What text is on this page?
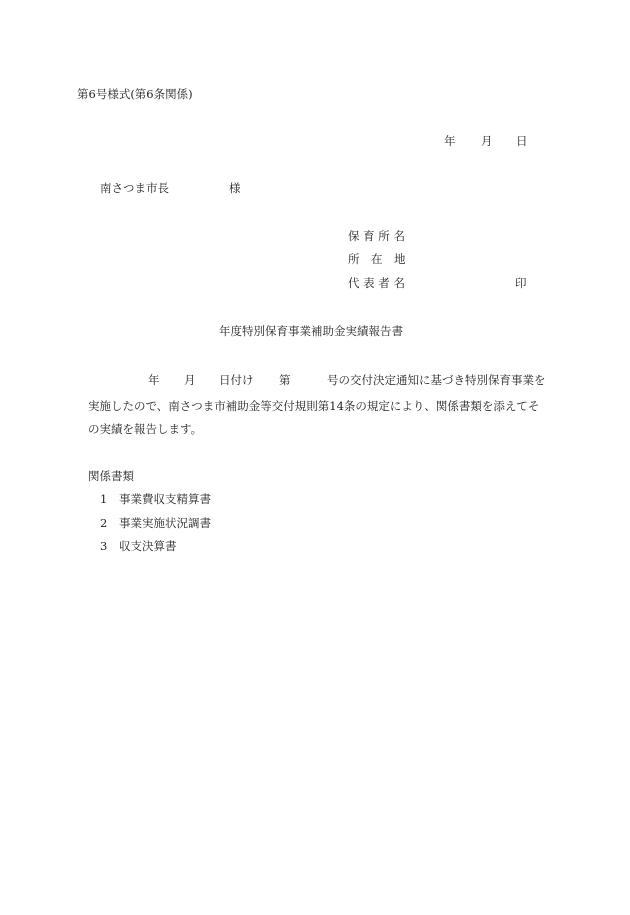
第6号様式(第6条関係)
年 月 日
南さつま市長	様
保 育 所 名
所　在　地
代 表 者 名	印
年度特別保育事業補助金実績報告書
年 月 日付け 第	号の交付決定通知に基づき特別保育事業を
実施したので、南さつま市補助金等交付規則第14条の規定により、関係書類を添えてそ
の実績を報告します。
関係書類
1 事業費収支精算書
2 事業実施状況調書
3 収支決算書
